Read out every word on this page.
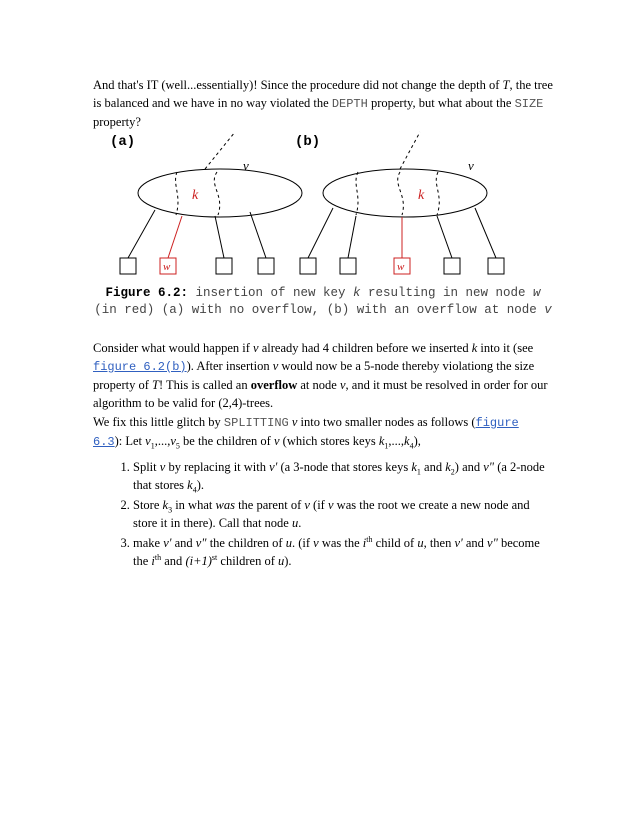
And that's IT (well...essentially)! Since the procedure did not change the depth of T, the tree is balanced and we have in no way violated the DEPTH property, but what about the SIZE property?
(a)
v
k
w
(b)
v
k
w
Figure 6.2: insertion of new key k resulting in new node w (in red) (a) with no overflow, (b) with an overflow at node v
Consider what would happen if v already had 4 children before we inserted k into it (see figure 6.2(b)). After insertion v would now be a 5-node thereby violationg the size property of T! This is called an overflow at node v, and it must be resolved in order for our algorithm to be valid for (2,4)-trees.
We fix this little glitch by SPLITTING v into two smaller nodes as follows (figure 6.3): Let $v_1,...,v_5$ be the children of v (which stores keys $k_1,...,k_4$),
1. Split v by replacing it with v' (a 3-node that stores keys $k_1$ and $k_2$) and v" (a 2-node that stores $k_4$).
2. Store $k_3$ in what was the parent of v (if v was the root we create a new node and store it in there). Call that node u.
3. make v' and v" the children of u. (if v was the $i^{th}$ child of u, then v' and v" become the $i^{th}$ and $(i+1)^{st}$ children of u).
